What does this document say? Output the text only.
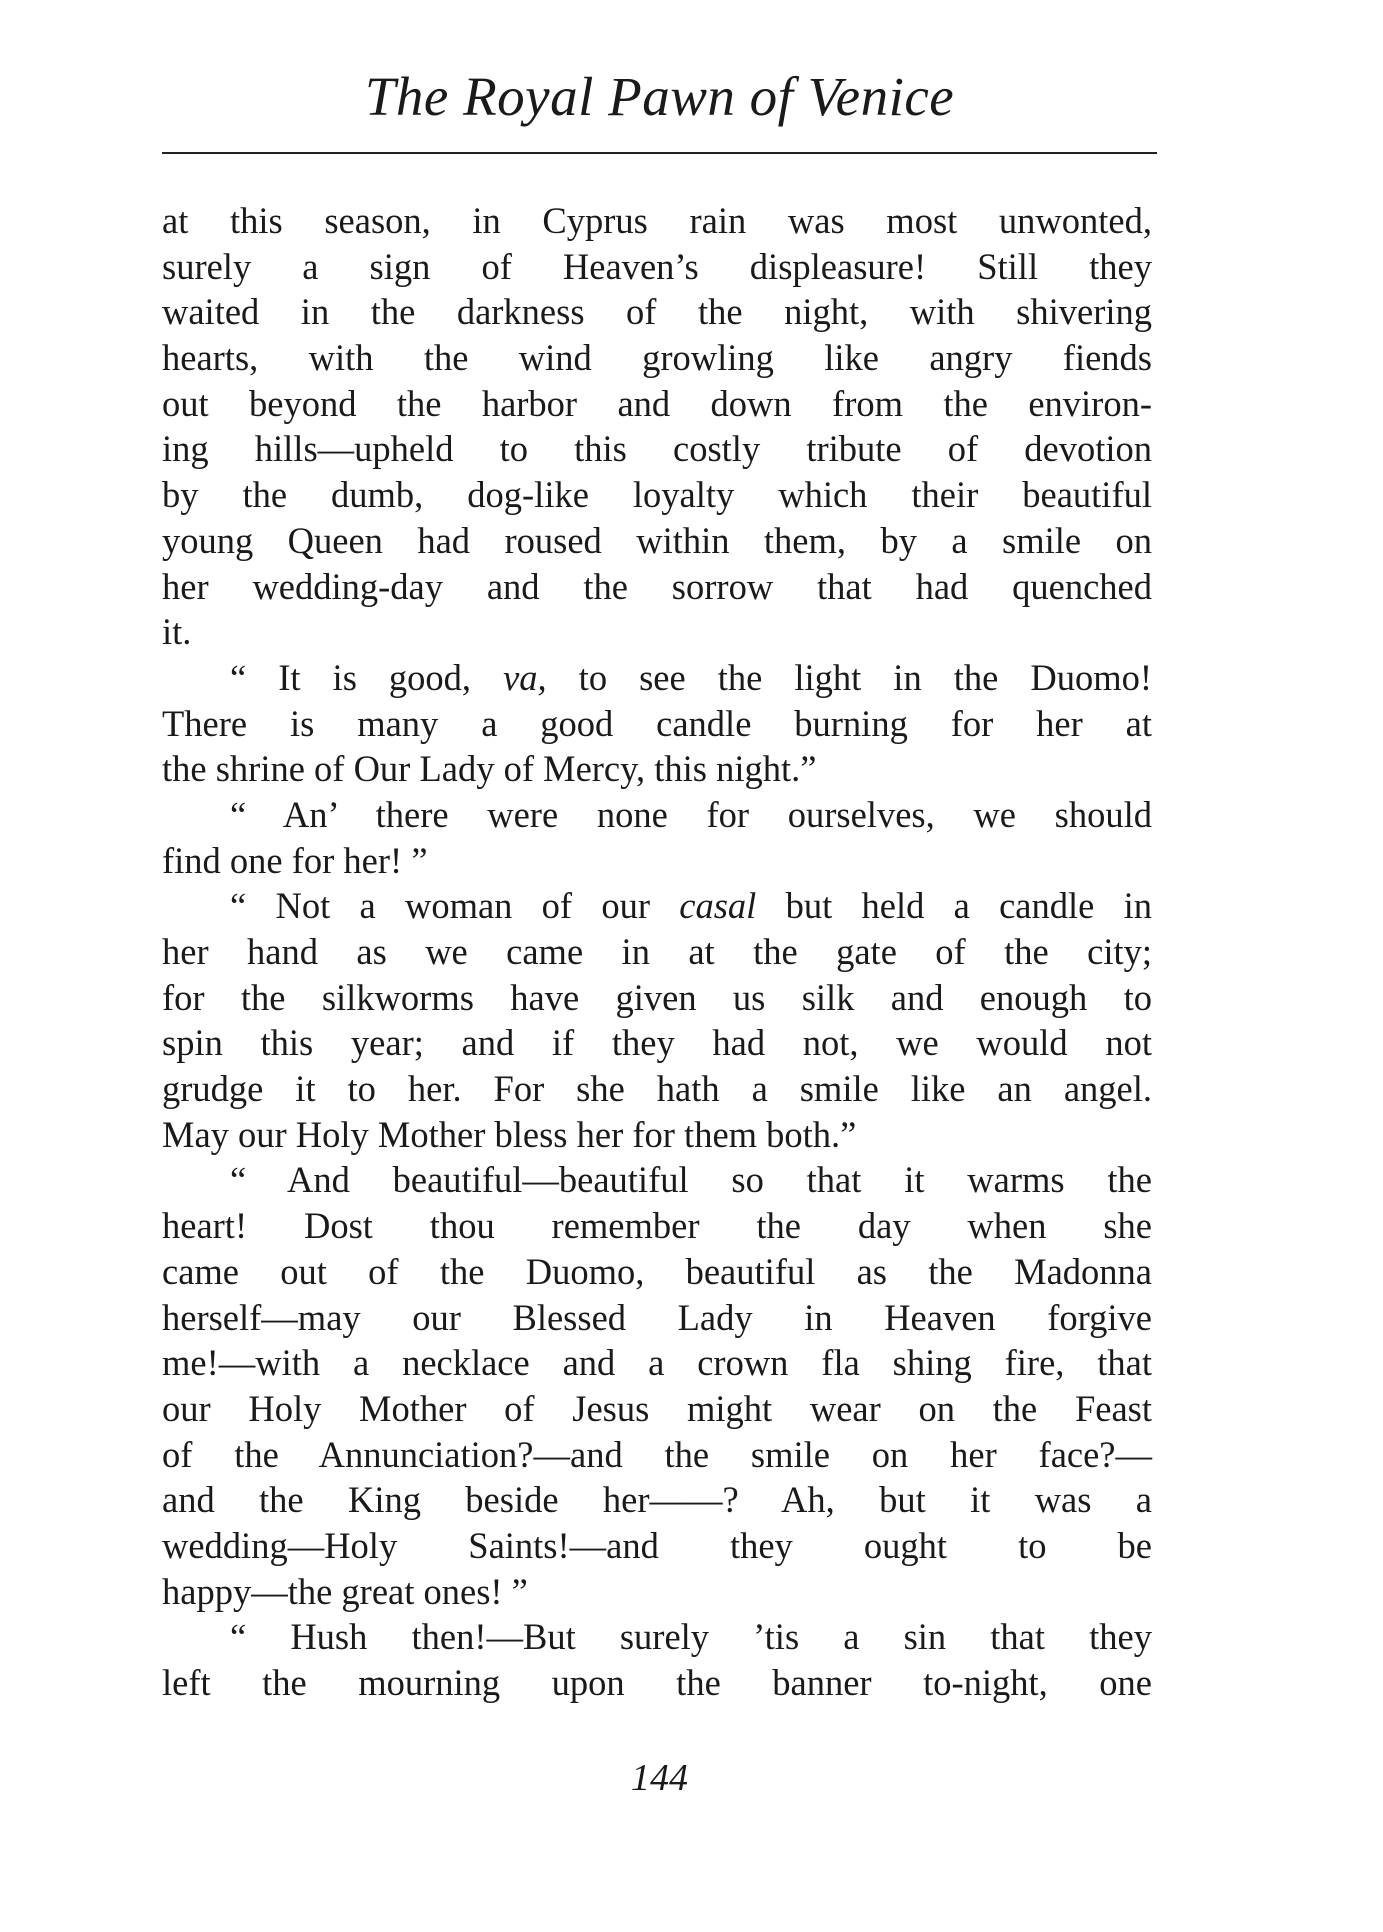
The Royal Pawn of Venice
at this season, in Cyprus rain was most unwonted,
surely a sign of Heaven’s displeasure! Still they
waited in the darkness of the night, with shivering
hearts, with the wind growling like angry fiends
out beyond the harbor and down from the environ-
ing hills—upheld to this costly tribute of devotion
by the dumb, dog-like loyalty which their beautiful
young Queen had roused within them, by a smile on
her wedding-day and the sorrow that had quenched
it.
“ It is good, va, to see the light in the Duomo!
There is many a good candle burning for her at
the shrine of Our Lady of Mercy, this night.”
“ An’ there were none for ourselves, we should
find one for her! ”
“ Not a woman of our casal but held a candle in
her hand as we came in at the gate of the city;
for the silkworms have given us silk and enough to
spin this year; and if they had not, we would not
grudge it to her. For she hath a smile like an angel.
May our Holy Mother bless her for them both.”
“ And beautiful—beautiful so that it warms the
heart! Dost thou remember the day when she
came out of the Duomo, beautiful as the Madonna
herself—may our Blessed Lady in Heaven forgive
me!—with a necklace and a crown fla shing fire, that
our Holy Mother of Jesus might wear on the Feast
of the Annunciation?—and the smile on her face?—
and the King beside her——? Ah, but it was a
wedding—Holy Saints!—and they ought to be
happy—the great ones! ”
“ Hush then!—But surely ’tis a sin that they
left the mourning upon the banner to-night, one
144
